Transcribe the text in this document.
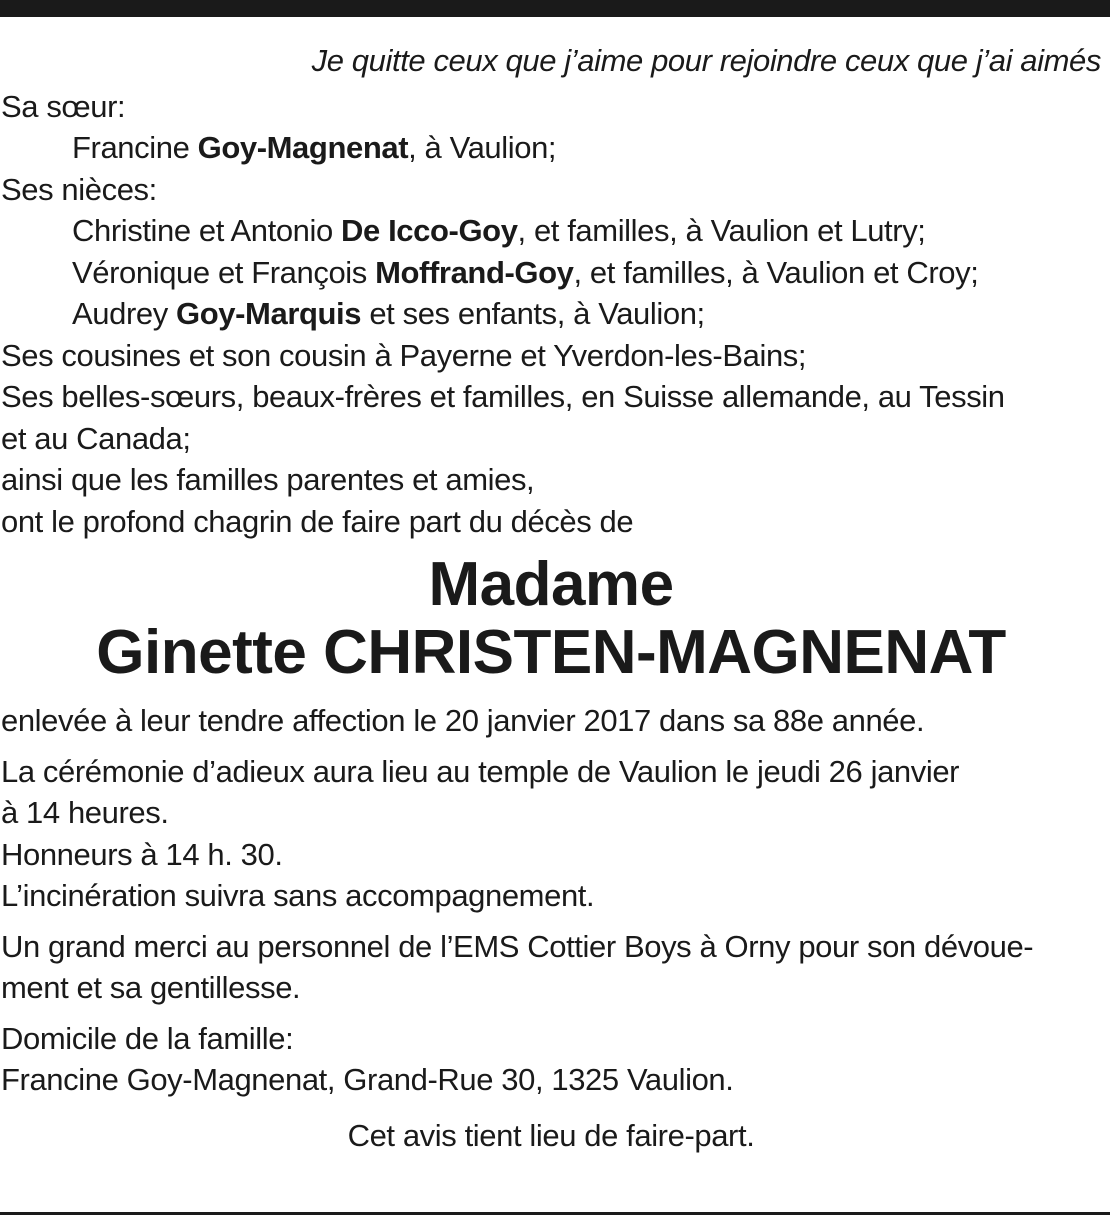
Je quitte ceux que j’aime pour rejoindre ceux que j’ai aimés
Sa sœur:
Francine Goy-Magnenat, à Vaulion;
Ses nièces:
Christine et Antonio De Icco-Goy, et familles, à Vaulion et Lutry;
Véronique et François Moffrand-Goy, et familles, à Vaulion et Croy;
Audrey Goy-Marquis et ses enfants, à Vaulion;
Ses cousines et son cousin à Payerne et Yverdon-les-Bains;
Ses belles-sœurs, beaux-frères et familles, en Suisse allemande, au Tessin
et au Canada;
ainsi que les familles parentes et amies,
ont le profond chagrin de faire part du décès de
Madame
Ginette CHRISTEN-MAGNENAT
enlevée à leur tendre affection le 20 janvier 2017 dans sa 88e année.
La cérémonie d’adieux aura lieu au temple de Vaulion le jeudi 26 janvier
à 14 heures.
Honneurs à 14 h. 30.
L’incinération suivra sans accompagnement.
Un grand merci au personnel de l’EMS Cottier Boys à Orny pour son dévoue-
ment et sa gentillesse.
Domicile de la famille:
Francine Goy-Magnenat, Grand-Rue 30, 1325 Vaulion.
Cet avis tient lieu de faire-part.
